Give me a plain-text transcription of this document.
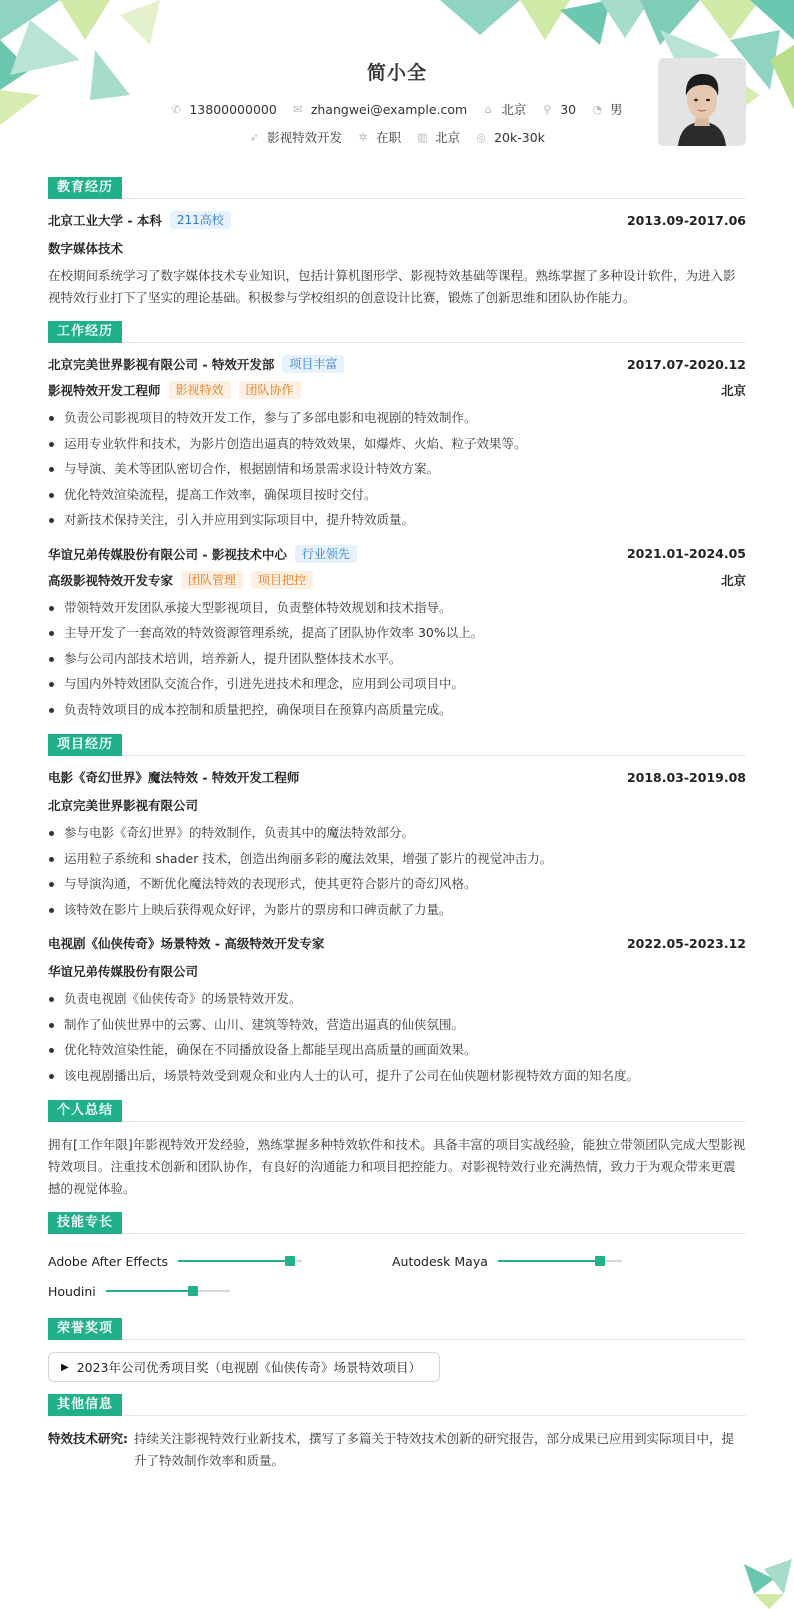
简小全
✆ 13800000000 ✉ zhangwei@example.com ⌂ 北京 ⚲ 30 ◔ 男
➶ 影视特效开发 ✲ 在职 ▥ 北京 ◎ 20k-30k
教育经历
北京工业大学 - 本科	211高校	2013.09-2017.06
数字媒体技术
在校期间系统学习了数字媒体技术专业知识，包括计算机图形学、影视特效基础等课程。熟练掌握了多种设计软件，为进入影视特效行业打下了坚实的理论基础。积极参与学校组织的创意设计比赛，锻炼了创新思维和团队协作能力。
工作经历
北京完美世界影视有限公司 - 特效开发部	项目丰富	2017.07-2020.12
影视特效开发工程师	影视特效	团队协作	北京
负责公司影视项目的特效开发工作，参与了多部电影和电视剧的特效制作。
运用专业软件和技术，为影片创造出逼真的特效效果，如爆炸、火焰、粒子效果等。
与导演、美术等团队密切合作，根据剧情和场景需求设计特效方案。
优化特效渲染流程，提高工作效率，确保项目按时交付。
对新技术保持关注，引入并应用到实际项目中，提升特效质量。
华谊兄弟传媒股份有限公司 - 影视技术中心	行业领先	2021.01-2024.05
高级影视特效开发专家	团队管理	项目把控	北京
带领特效开发团队承接大型影视项目，负责整体特效规划和技术指导。
主导开发了一套高效的特效资源管理系统，提高了团队协作效率 30%以上。
参与公司内部技术培训，培养新人，提升团队整体技术水平。
与国内外特效团队交流合作，引进先进技术和理念，应用到公司项目中。
负责特效项目的成本控制和质量把控，确保项目在预算内高质量完成。
项目经历
电影《奇幻世界》魔法特效 - 特效开发工程师	2018.03-2019.08
北京完美世界影视有限公司
参与电影《奇幻世界》的特效制作，负责其中的魔法特效部分。
运用粒子系统和 shader 技术，创造出绚丽多彩的魔法效果，增强了影片的视觉冲击力。
与导演沟通，不断优化魔法特效的表现形式，使其更符合影片的奇幻风格。
该特效在影片上映后获得观众好评，为影片的票房和口碑贡献了力量。
电视剧《仙侠传奇》场景特效 - 高级特效开发专家	2022.05-2023.12
华谊兄弟传媒股份有限公司
负责电视剧《仙侠传奇》的场景特效开发。
制作了仙侠世界中的云雾、山川、建筑等特效，营造出逼真的仙侠氛围。
优化特效渲染性能，确保在不同播放设备上都能呈现出高质量的画面效果。
该电视剧播出后，场景特效受到观众和业内人士的认可，提升了公司在仙侠题材影视特效方面的知名度。
个人总结
拥有[工作年限]年影视特效开发经验，熟练掌握多种特效软件和技术。具备丰富的项目实战经验，能独立带领团队完成大型影视特效项目。注重技术创新和团队协作，有良好的沟通能力和项目把控能力。对影视特效行业充满热情，致力于为观众带来更震撼的视觉体验。
技能专长
Adobe After Effects	Autodesk Maya
Houdini
荣誉奖项
▶ 2023年公司优秀项目奖（电视剧《仙侠传奇》场景特效项目）
其他信息
特效技术研究: 持续关注影视特效行业新技术，撰写了多篇关于特效技术创新的研究报告，部分成果已应用到实际项目中，提升了特效制作效率和质量。
